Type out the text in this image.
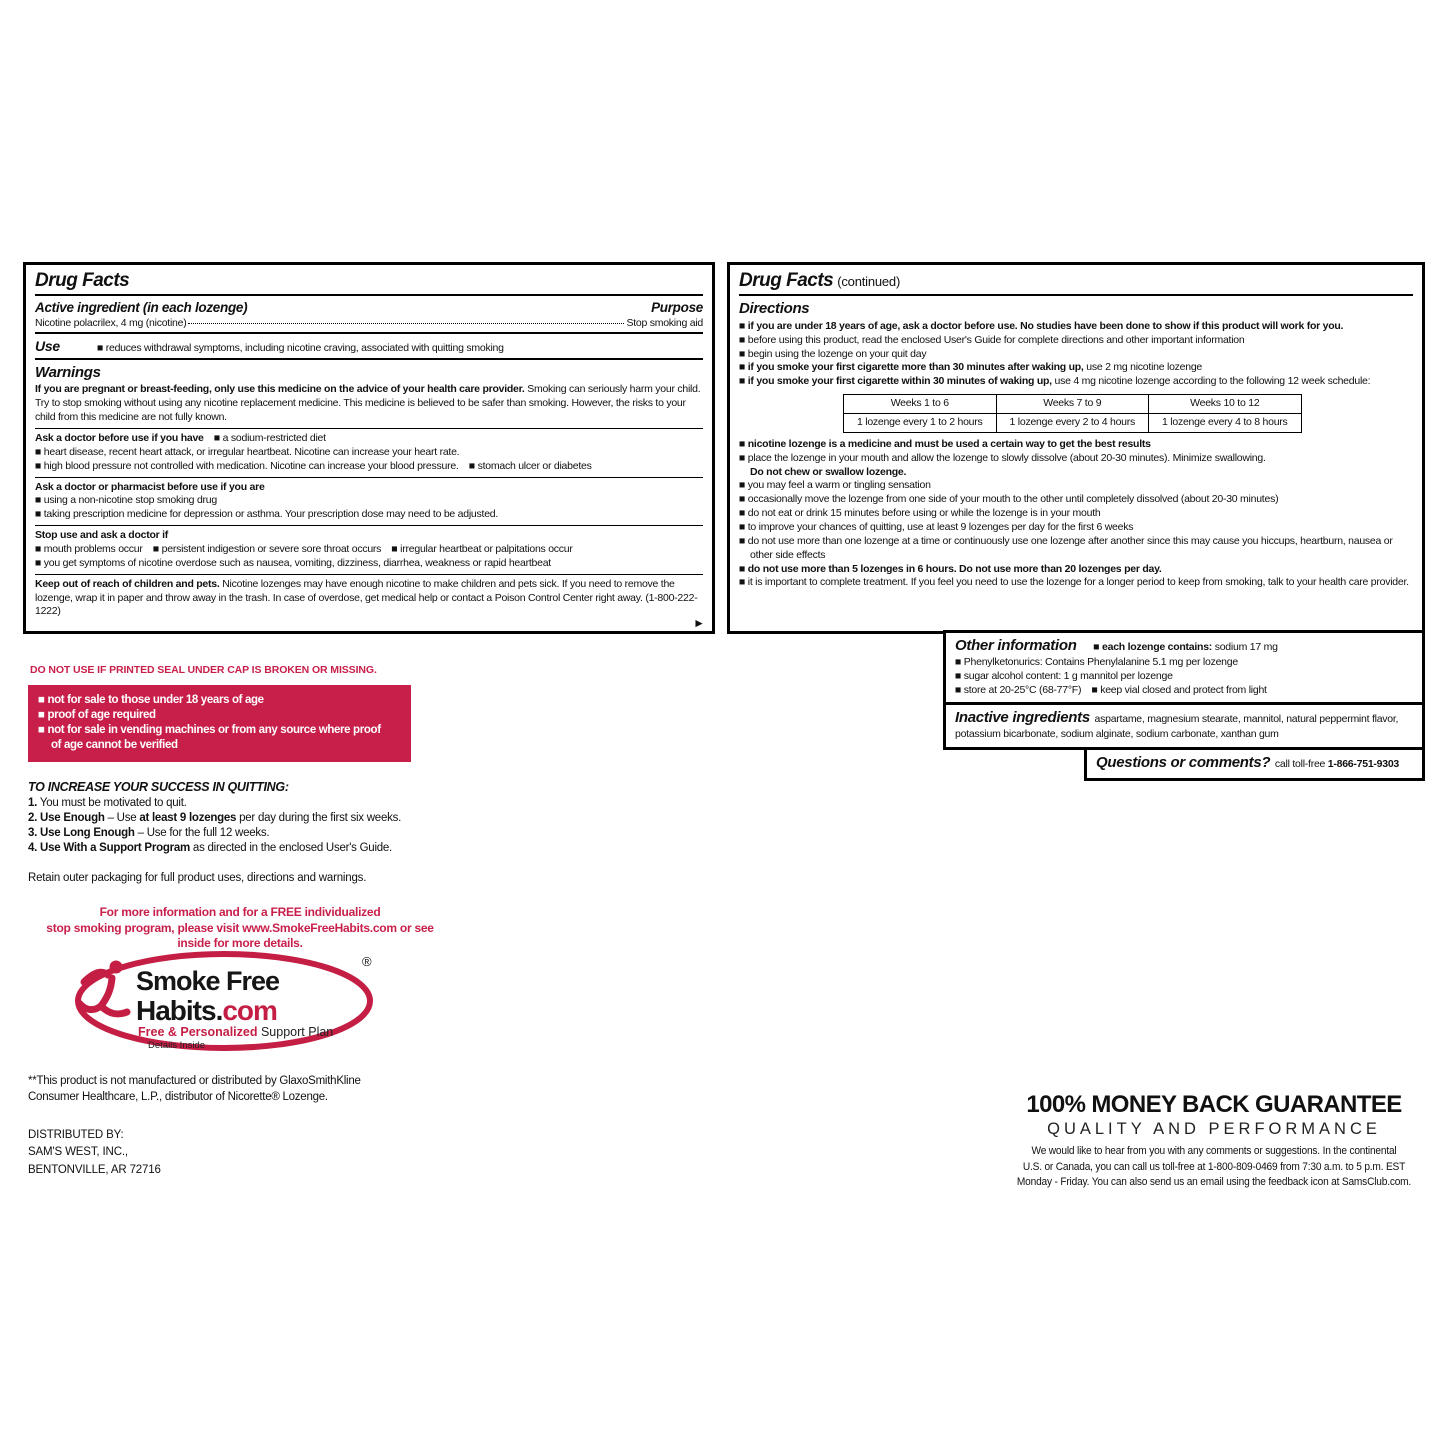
Drug Facts
Active ingredient (in each lozenge)	Purpose
Nicotine polacrilex, 4 mg (nicotine)	Stop smoking aid
Use	■ reduces withdrawal symptoms, including nicotine craving, associated with quitting smoking
Warnings
If you are pregnant or breast-feeding, only use this medicine on the advice of your health care provider. Smoking can seriously harm your child. Try to stop smoking without using any nicotine replacement medicine. This medicine is believed to be safer than smoking. However, the risks to your child from this medicine are not fully known.
Ask a doctor before use if you have ■ a sodium-restricted diet
■ heart disease, recent heart attack, or irregular heartbeat. Nicotine can increase your heart rate.
■ high blood pressure not controlled with medication. Nicotine can increase your blood pressure. ■ stomach ulcer or diabetes
Ask a doctor or pharmacist before use if you are
■ using a non-nicotine stop smoking drug
■ taking prescription medicine for depression or asthma. Your prescription dose may need to be adjusted.
Stop use and ask a doctor if
■ mouth problems occur ■ persistent indigestion or severe sore throat occurs ■ irregular heartbeat or palpitations occur
■ you get symptoms of nicotine overdose such as nausea, vomiting, dizziness, diarrhea, weakness or rapid heartbeat
Keep out of reach of children and pets. Nicotine lozenges may have enough nicotine to make children and pets sick. If you need to remove the lozenge, wrap it in paper and throw away in the trash. In case of overdose, get medical help or contact a Poison Control Center right away. (1-800-222-1222)
►
Drug Facts (continued)
Directions
■ if you are under 18 years of age, ask a doctor before use. No studies have been done to show if this product will work for you.
■ before using this product, read the enclosed User's Guide for complete directions and other important information
■ begin using the lozenge on your quit day
■ if you smoke your first cigarette more than 30 minutes after waking up, use 2 mg nicotine lozenge
■ if you smoke your first cigarette within 30 minutes of waking up, use 4 mg nicotine lozenge according to the following 12 week schedule:
Weeks 1 to 6	Weeks 7 to 9	Weeks 10 to 12
1 lozenge every 1 to 2 hours	1 lozenge every 2 to 4 hours	1 lozenge every 4 to 8 hours
■ nicotine lozenge is a medicine and must be used a certain way to get the best results
■ place the lozenge in your mouth and allow the lozenge to slowly dissolve (about 20-30 minutes). Minimize swallowing.
Do not chew or swallow lozenge.
■ you may feel a warm or tingling sensation
■ occasionally move the lozenge from one side of your mouth to the other until completely dissolved (about 20-30 minutes)
■ do not eat or drink 15 minutes before using or while the lozenge is in your mouth
■ to improve your chances of quitting, use at least 9 lozenges per day for the first 6 weeks
■ do not use more than one lozenge at a time or continuously use one lozenge after another since this may cause you hiccups, heartburn, nausea or other side effects
■ do not use more than 5 lozenges in 6 hours. Do not use more than 20 lozenges per day.
■ it is important to complete treatment. If you feel you need to use the lozenge for a longer period to keep from smoking, talk to your health care provider.
Other information ■ each lozenge contains: sodium 17 mg
■ Phenylketonurics: Contains Phenylalanine 5.1 mg per lozenge
■ sugar alcohol content: 1 g mannitol per lozenge
■ store at 20-25°C (68-77°F) ■ keep vial closed and protect from light
Inactive ingredients aspartame, magnesium stearate, mannitol, natural peppermint flavor, potassium bicarbonate, sodium alginate, sodium carbonate, xanthan gum
Questions or comments? call toll-free 1-866-751-9303
DO NOT USE IF PRINTED SEAL UNDER CAP IS BROKEN OR MISSING.
■ not for sale to those under 18 years of age
■ proof of age required
■ not for sale in vending machines or from any source where proof
of age cannot be verified
TO INCREASE YOUR SUCCESS IN QUITTING:
1. You must be motivated to quit.
2. Use Enough – Use at least 9 lozenges per day during the first six weeks.
3. Use Long Enough – Use for the full 12 weeks.
4. Use With a Support Program as directed in the enclosed User's Guide.
Retain outer packaging for full product uses, directions and warnings.
For more information and for a FREE individualized
stop smoking program, please visit www.SmokeFreeHabits.com or see
inside for more details.
Smoke Free
Habits.com
Free & Personalized Support Plan
Details Inside
®
**This product is not manufactured or distributed by GlaxoSmithKline
Consumer Healthcare, L.P., distributor of Nicorette® Lozenge.
DISTRIBUTED BY:
SAM'S WEST, INC.,
BENTONVILLE, AR 72716
100% MONEY BACK GUARANTEE
QUALITY AND PERFORMANCE
We would like to hear from you with any comments or suggestions. In the continental
U.S. or Canada, you can call us toll-free at 1-800-809-0469 from 7:30 a.m. to 5 p.m. EST
Monday - Friday. You can also send us an email using the feedback icon at SamsClub.com.
